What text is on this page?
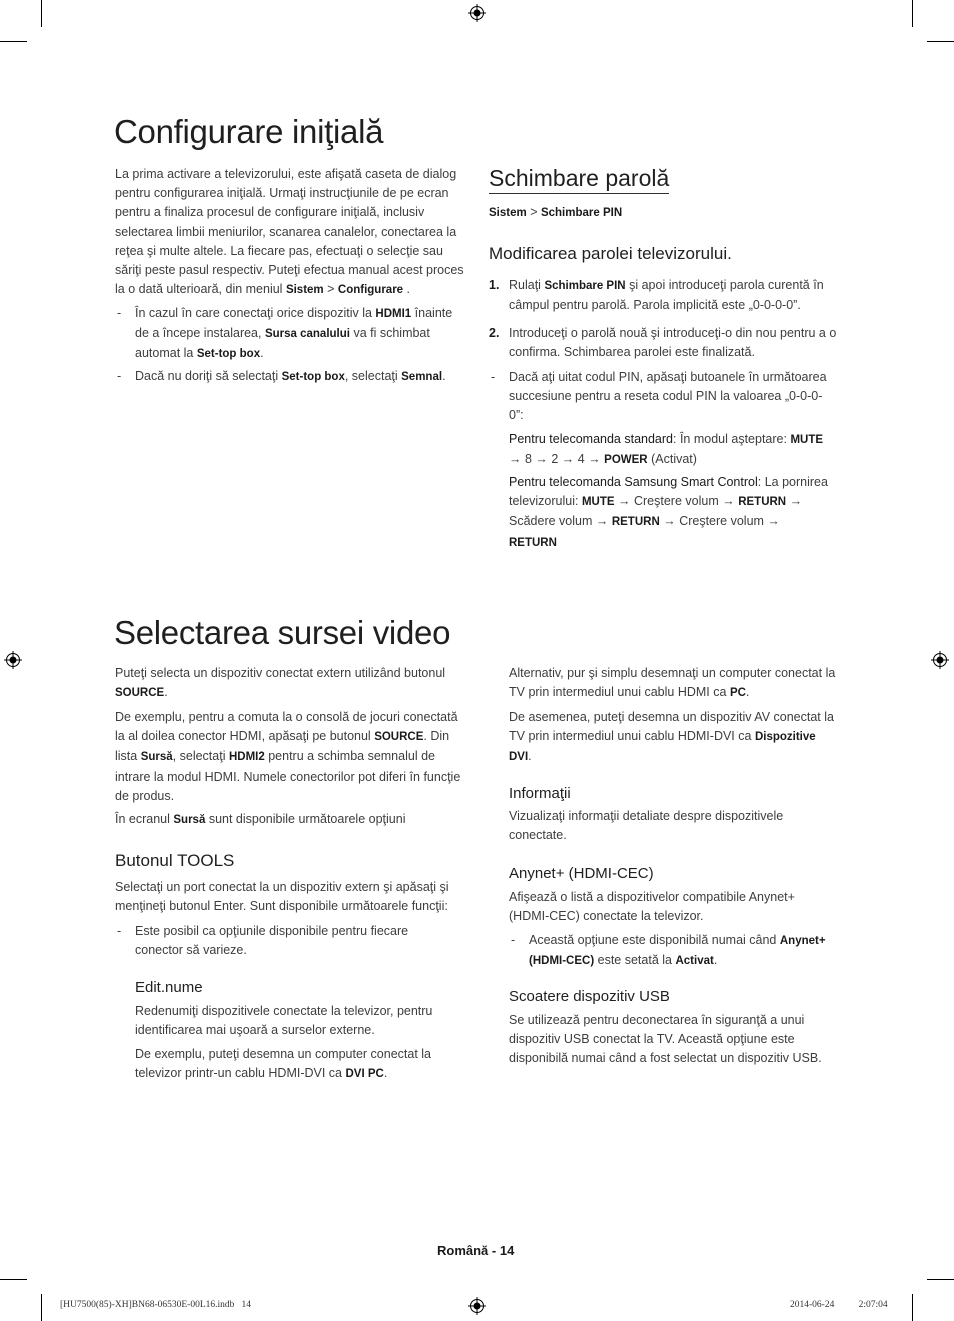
Configurare iniţială

La prima activare a televizorului, este afişată caseta de dialog pentru configurarea iniţială. Urmaţi instrucţiunile de pe ecran pentru a finaliza procesul de configurare iniţială, inclusiv selectarea limbii meniurilor, scanarea canalelor, conectarea la reţea şi multe altele. La fiecare pas, efectuaţi o selecţie sau săriţi peste pasul respectiv. Puteţi efectua manual acest proces la o dată ulterioară, din meniul Sistem > Configurare .

- În cazul în care conectaţi orice dispozitiv la HDMI1 înainte de a începe instalarea, Sursa canalului va fi schimbat automat la Set-top box.

- Dacă nu doriţi să selectaţi Set-top box, selectaţi Semnal.

Schimbare parolă

Sistem > Schimbare PIN

Modificarea parolei televizorului.

1. Rulaţi Schimbare PIN şi apoi introduceţi parola curentă în câmpul pentru parolă. Parola implicită este „0-0-0-0”.

2. Introduceţi o parolă nouă şi introduceţi-o din nou pentru a o confirma. Schimbarea parolei este finalizată.

- Dacă aţi uitat codul PIN, apăsaţi butoanele în următoarea succesiune pentru a reseta codul PIN la valoarea „0-0-0-0”:

Pentru telecomanda standard: În modul aşteptare: MUTE → 8 → 2 → 4 → POWER (Activat)

Pentru telecomanda Samsung Smart Control: La pornirea televizorului: MUTE → Creştere volum → RETURN → Scădere volum → RETURN → Creştere volum → RETURN

Selectarea sursei video

Puteţi selecta un dispozitiv conectat extern utilizând butonul SOURCE.

De exemplu, pentru a comuta la o consolă de jocuri conectată la al doilea conector HDMI, apăsaţi pe butonul SOURCE. Din lista Sursă, selectaţi HDMI2 pentru a schimba semnalul de intrare la modul HDMI. Numele conectorilor pot diferi în funcţie de produs.

În ecranul Sursă sunt disponibile următoarele opţiuni

Butonul TOOLS

Selectaţi un port conectat la un dispozitiv extern şi apăsaţi şi menţineţi butonul Enter. Sunt disponibile următoarele funcţii:

- Este posibil ca opţiunile disponibile pentru fiecare conector să varieze.

Edit.nume

Redenumiţi dispozitivele conectate la televizor, pentru identificarea mai uşoară a surselor externe.

De exemplu, puteţi desemna un computer conectat la televizor printr-un cablu HDMI-DVI ca DVI PC.

Alternativ, pur şi simplu desemnaţi un computer conectat la TV prin intermediul unui cablu HDMI ca PC.

De asemenea, puteţi desemna un dispozitiv AV conectat la TV prin intermediul unui cablu HDMI-DVI ca Dispozitive DVI.

Informaţii

Vizualizaţi informaţii detaliate despre dispozitivele conectate.

Anynet+ (HDMI-CEC)

Afişează o listă a dispozitivelor compatibile Anynet+ (HDMI-CEC) conectate la televizor.

- Această opţiune este disponibilă numai când Anynet+ (HDMI-CEC) este setată la Activat.

Scoatere dispozitiv USB

Se utilizează pentru deconectarea în siguranţă a unui dispozitiv USB conectat la TV. Această opţiune este disponibilă numai când a fost selectat un dispozitiv USB.

Română - 14
[HU7500(85)-XH]BN68-06530E-00L16.indb   14	2014-06-24   ￿￿ 2:07:04
